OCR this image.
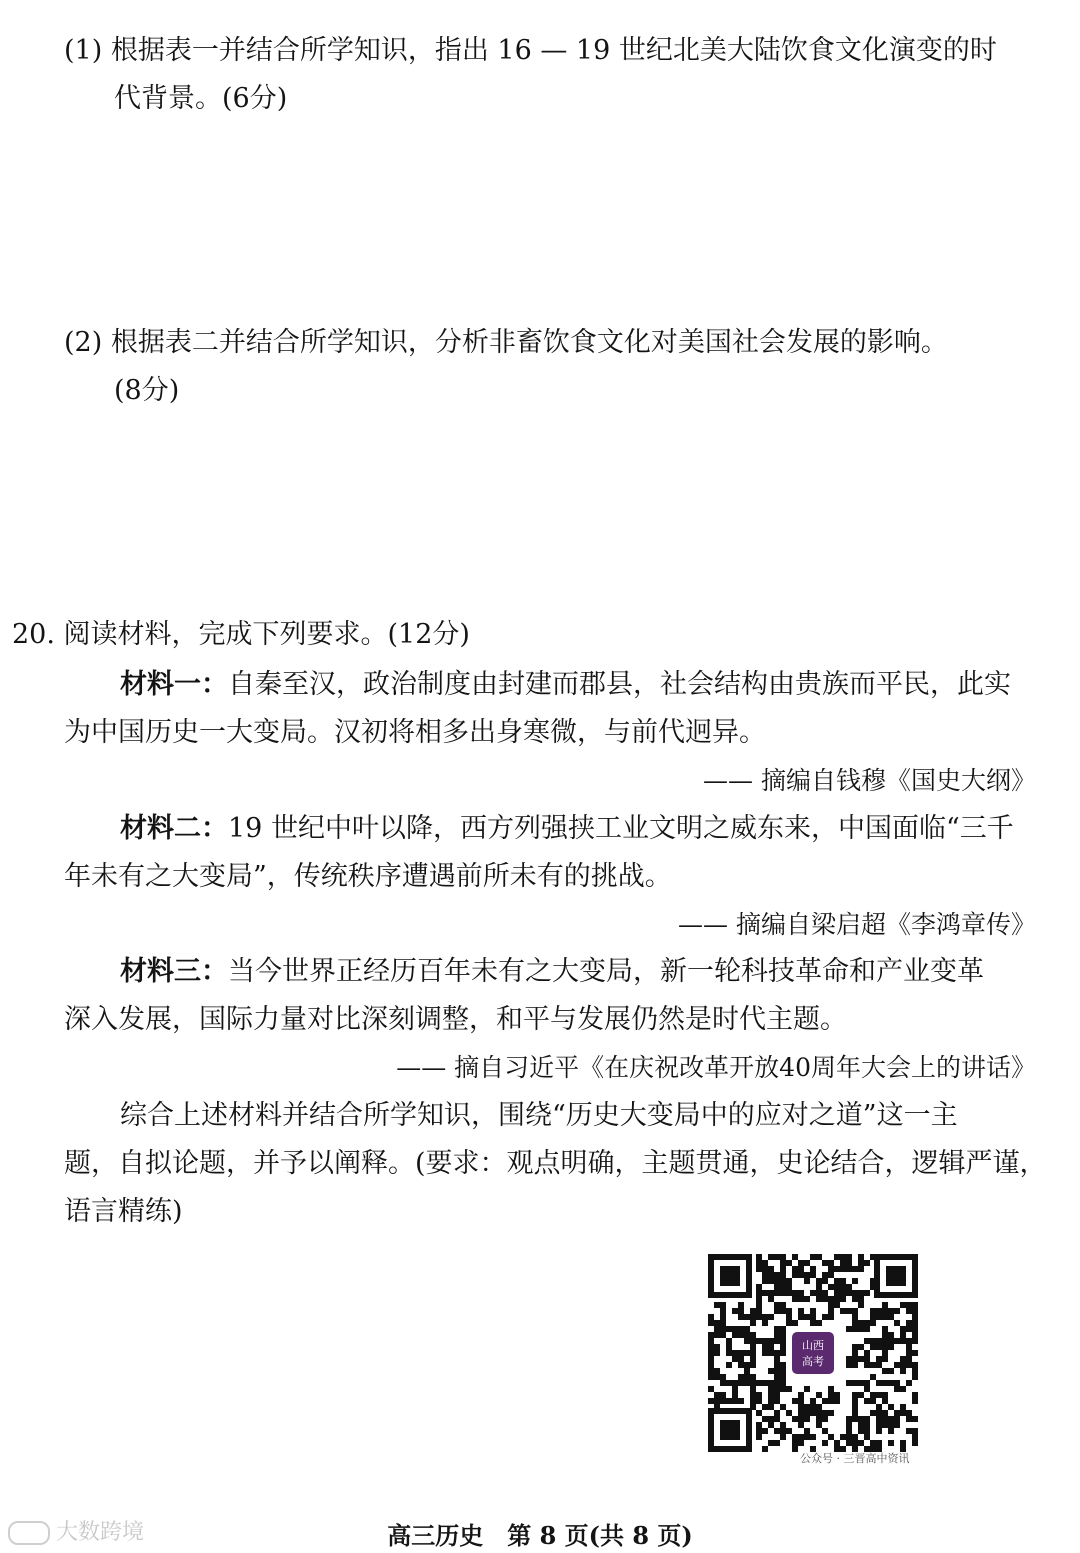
(1) 根据表一并结合所学知识，指出 16 — 19 世纪北美大陆饮食文化演变的时
代背景。(6分)
(2) 根据表二并结合所学知识，分析非畜饮食文化对美国社会发展的影响。
(8分)
20. 阅读材料，完成下列要求。(12分)
材料一：自秦至汉，政治制度由封建而郡县，社会结构由贵族而平民，此实
为中国历史一大变局。汉初将相多出身寒微，与前代迥异。
—— 摘编自钱穆《国史大纲》
材料二：19 世纪中叶以降，西方列强挟工业文明之威东来，中国面临“三千
年未有之大变局”，传统秩序遭遇前所未有的挑战。
—— 摘编自梁启超《李鸿章传》
材料三：当今世界正经历百年未有之大变局，新一轮科技革命和产业变革
深入发展，国际力量对比深刻调整，和平与发展仍然是时代主题。
—— 摘自习近平《在庆祝改革开放40周年大会上的讲话》
综合上述材料并结合所学知识，围绕“历史大变局中的应对之道”这一主
题，自拟论题，并予以阐释。(要求：观点明确，主题贯通，史论结合，逻辑严谨，
语言精练)
山西
高考
公众号 · 三晋高中资讯
大数跨境	高三历史　第 8 页(共 8 页)
